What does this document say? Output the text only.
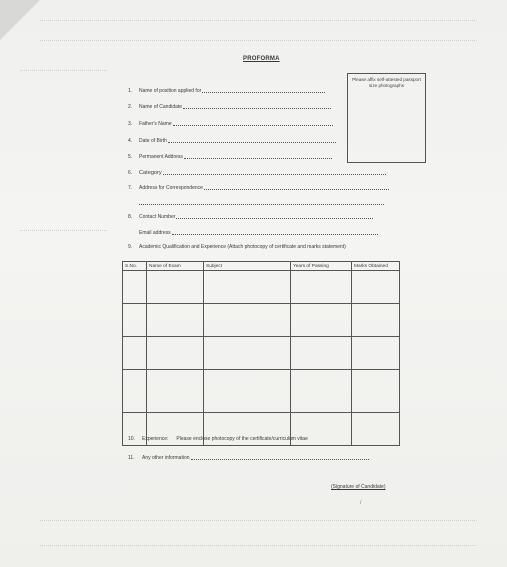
PROFORMA
Please affix self-attested passport size photographs
1.	Name of position applied for
2.	Name of Candidate
3.	Father's Name
4.	Date of Birth
5.	Permanent Address
6.	Category
7.	Address for Correspondence
8.	Contact Number
Email address
9.	Academic Qualification and Experience (Attach photocopy of certificate and marks statement)
S.No.	Name of Exam	Subject	Years of Passing	Marks Obtained

10.	Experience: Please enclose photocopy of the certificate/curriculum vitae
11.	Any other information
(Signature of Candidate)
/
